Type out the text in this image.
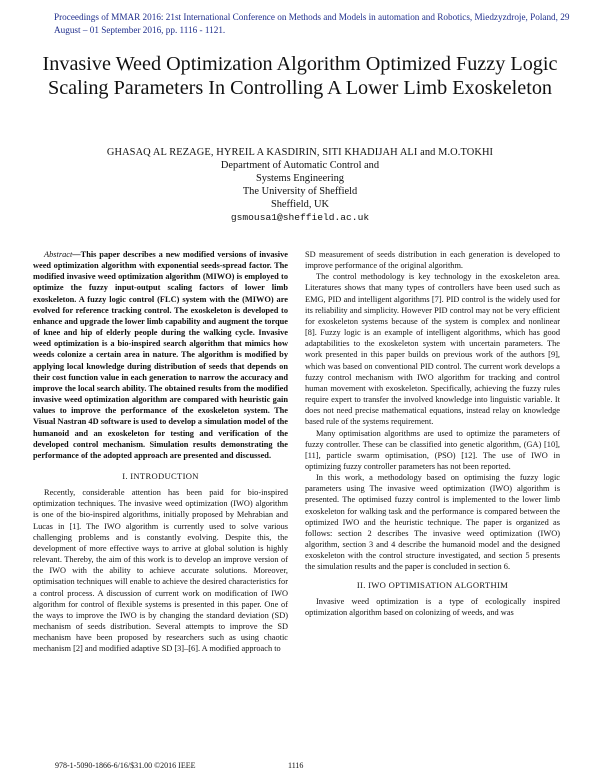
Proceedings of MMAR 2016: 21st International Conference on Methods and Models in automation and Robotics, Miedzyzdroje, Poland, 29 August – 01 September 2016, pp. 1116 - 1121.
Invasive Weed Optimization Algorithm Optimized Fuzzy Logic Scaling Parameters In Controlling A Lower Limb Exoskeleton
GHASAQ AL REZAGE, HYREIL A KASDIRIN, SITI KHADIJAH ALI and M.O.TOKHI
Department of Automatic Control and
Systems Engineering
The University of Sheffield
Sheffield, UK
gsmousa1@sheffield.ac.uk

Abstract—This paper describes a new modified versions of invasive weed optimization algorithm with exponential seeds-spread factor. The modified invasive weed optimization algorithm (MIWO) is employed to optimize the fuzzy input-output scaling factors of lower limb exoskeleton. A fuzzy logic control (FLC) system with the (MIWO) are evolved for reference tracking control. The exoskeleton is developed to enhance and upgrade the lower limb capability and augment the torque of knee and hip of elderly people during the walking cycle. Invasive weed optimization is a bio-inspired search algorithm that mimics how weeds colonize a certain area in nature. The algorithm is modified by applying local knowledge during distribution of seeds that depends on their cost function value in each generation to narrow the accuracy and improve the local search ability. The obtained results from the modified invasive weed optimization algorithm are compared with heuristic gain values to improve the performance of the exoskeleton system. The Visual Nastran 4D software is used to develop a simulation model of the humanoid and an exoskeleton for testing and verification of the developed control mechanism. Simulation results demonstrating the performance of the adopted approach are presented and discussed.

I. INTRODUCTION

Recently, considerable attention has been paid for bio-inspired optimization techniques. The invasive weed optimization (IWO) algorithm is one of the bio-inspired algorithms, initially proposed by Mehrabian and Lucas in [1]. The IWO algorithm is currently used to solve various challenging problems and is constantly evolving. Despite this, the development of more effective ways to arrive at global solution is highly relevant. Thereby, the aim of this work is to develop an improve version of the IWO with the ability to achieve accurate solutions. Moreover, optimisation techniques will enable to achieve the desired characteristics for a control process. A discussion of current work on modification of IWO algorithm for control of flexible systems is presented in this paper. One of the ways to improve the IWO is by changing the standard deviation (SD) mechanism of seeds distribution. Several attempts to improve the SD mechanism have been proposed by researchers such as using chaotic mechanism [2] and modified adaptive SD [3]–[6]. A modified approach to

SD measurement of seeds distribution in each generation is developed to improve performance of the original algorithm.

The control methodology is key technology in the exoskeleton area. Literatures shows that many types of controllers have been used such as EMG, PID and intelligent algorithms [7]. PID control is the widely used for its reliability and simplicity. However PID control may not be very efficient for exoskeleton systems because of the system is complex and nonlinear [8]. Fuzzy logic is an example of intelligent algorithms, which has good adaptabilities to the exoskeleton system with uncertain parameters. The work presented in this paper builds on previous work of the authors [9], which was based on conventional PID control. The current work develops a fuzzy control mechanism with IWO algorithm for tracking and control human movement with exoskeleton. Specifically, achieving the fuzzy rules require expert to transfer the involved knowledge into linguistic variable. It does not need precise mathematical equations, instead relay on knowledge based rule of the systems requirement.

Many optimisation algorithms are used to optimize the parameters of fuzzy controller. These can be classified into genetic algorithm, (GA) [10], [11], particle swarm optimisation, (PSO) [12]. The use of IWO in optimizing fuzzy controller parameters has not been reported.

In this work, a methodology based on optimising the fuzzy logic parameters using The invasive weed optimization (IWO) algorithm is presented. The optimised fuzzy control is implemented to the lower limb exoskeleton for walking task and the performance is compared between the optimized IWO and the heuristic technique. The paper is organized as follows: section 2 describes The invasive weed optimization (IWO) algorithm, section 3 and 4 describe the humanoid model and the designed exoskeleton with the control structure investigated, and section 5 presents the simulation results and the paper is concluded in section 6.

II. IWO OPTIMISATION ALGORTHIM

Invasive weed optimization is a type of ecologically inspired optimization algorithm based on colonizing of weeds, and was

978-1-5090-1866-6/16/$31.00 ©2016 IEEE	1116
